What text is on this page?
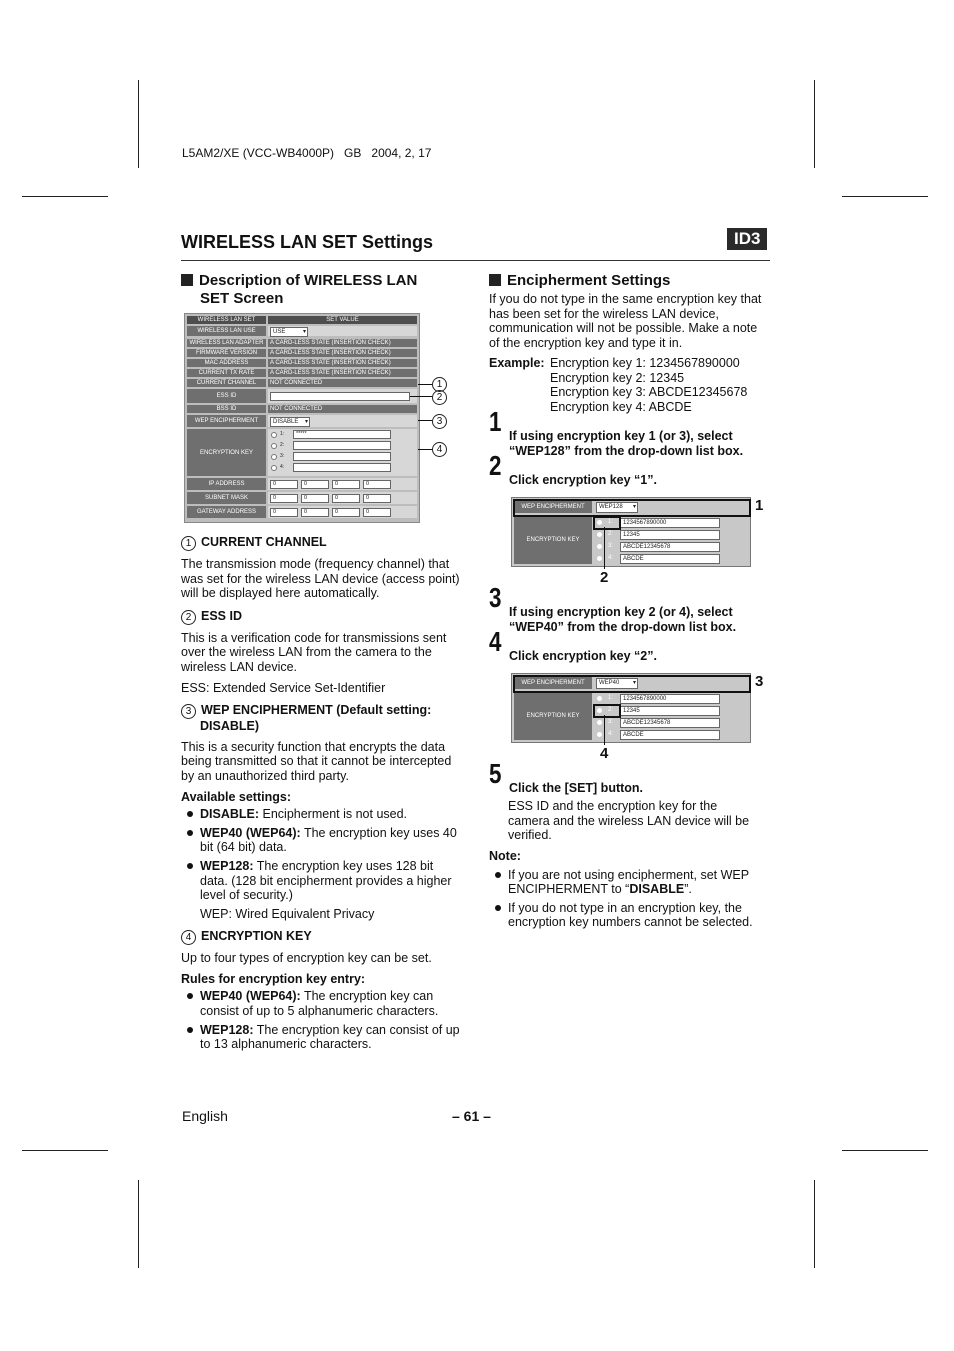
L5AM2/XE (VCC-WB4000P)   GB   2004, 2, 17
WIRELESS LAN SET Settings	ID3
Description of WIRELESS LAN
SET Screen
WIRELESS LAN SET	SET VALUE
WIRELESS LAN USE	USE ▾
WIRELESS LAN ADAPTER	A CARD-LESS STATE (INSERTION CHECK)
FIRMWARE VERSION	A CARD-LESS STATE (INSERTION CHECK)
MAC ADDRESS	A CARD-LESS STATE (INSERTION CHECK)
CURRENT TX RATE	A CARD-LESS STATE (INSERTION CHECK)
CURRENT CHANNEL	NOT CONNECTED
ESS ID
BSS ID	NOT CONNECTED
WEP ENCIPHERMENT	DISABLE ▾
ENCRYPTION KEY
1:	*****
2:
3:
4:
IP ADDRESS	0	0	0	0
SUBNET MASK	0	0	0	0
GATEWAY ADDRESS	0	0	0	0
1
2
3
4

1 CURRENT CHANNEL

The transmission mode (frequency channel) that was set for the wireless LAN device (access point) will be displayed here automatically.

2 ESS ID

This is a verification code for transmissions sent over the wireless LAN from the camera to the wireless LAN device.

ESS: Extended Service Set-Identifier

3 WEP ENCIPHERMENT (Default setting: DISABLE)

This is a security function that encrypts the data being transmitted so that it cannot be intercepted by an unauthorized third party.

Available settings:

DISABLE: Encipherment is not used.
WEP40 (WEP64): The encryption key uses 40 bit (64 bit) data.
WEP128: The encryption key uses 128 bit data. (128 bit encipherment provides a higher level of security.)

WEP: Wired Equivalent Privacy

4 ENCRYPTION KEY

Up to four types of encryption key can be set.

Rules for encryption key entry:

WEP40 (WEP64): The encryption key can consist of up to 5 alphanumeric characters.
WEP128: The encryption key can consist of up to 13 alphanumeric characters.
Encipherment Settings
If you do not type in the same encryption key that has been set for the wireless LAN device, communication will not be possible. Make a note of the encryption key and type it in.
Example: Encryption key 1: 1234567890000
Encryption key 2: 12345
Encryption key 3: ABCDE12345678
Encryption key 4: ABCDE
1 If using encryption key 1 (or 3), select “WEP128” from the drop-down list box.
2 Click encryption key “1”.
WEP ENCIPHERMENT	WEP128 ▾
ENCRYPTION KEY
1:	1234567890000
2:	12345
3:	ABCDE12345678
4:	ABCDE
1
2
3 If using encryption key 2 (or 4), select “WEP40” from the drop-down list box.
4 Click encryption key “2”.
WEP ENCIPHERMENT	WEP40 ▾
ENCRYPTION KEY
1:	1234567890000
2:	12345
3:	ABCDE12345678
4:	ABCDE
3
4
5 Click the [SET] button.
ESS ID and the encryption key for the camera and the wireless LAN device will be verified.

Note:

If you are not using encipherment, set WEP ENCIPHERMENT to “DISABLE”.
If you do not type in an encryption key, the encryption key numbers cannot be selected.
English	– 61 –
